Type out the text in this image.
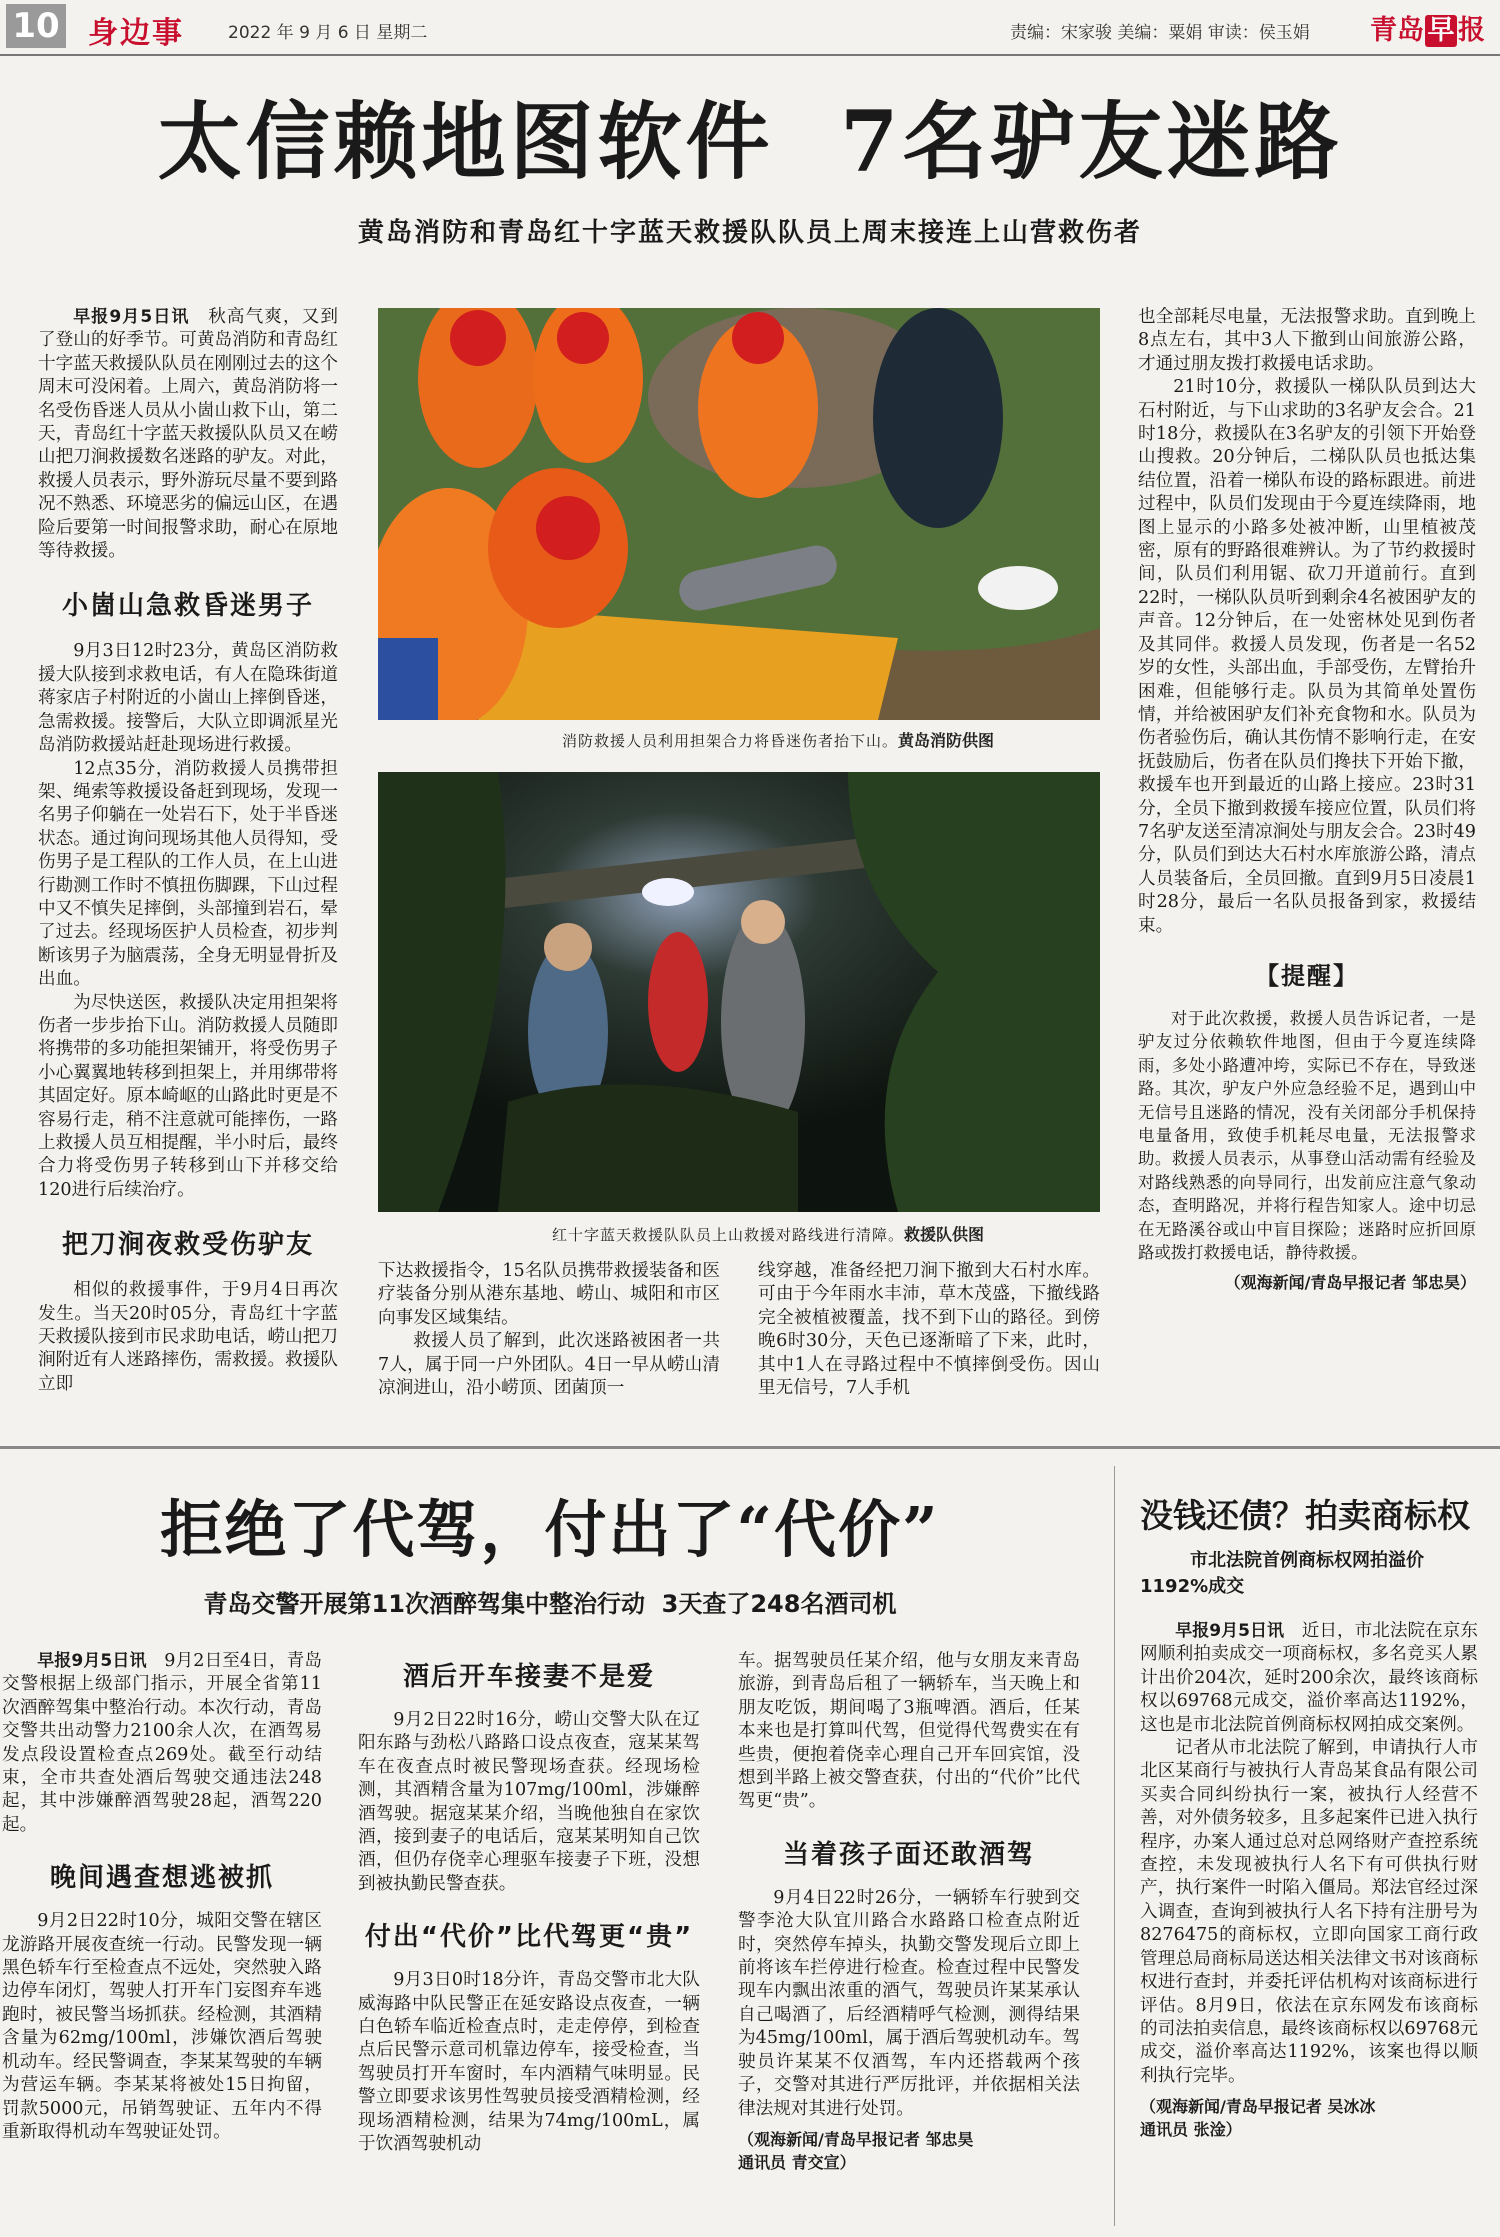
10 身边事	2022 年 9 月 6 日 星期二	责编：宋家骏 美编：粟娟 审读：侯玉娟 青岛 早 报
太信赖地图软件  7名驴友迷路
黄岛消防和青岛红十字蓝天救援队队员上周末接连上山营救伤者

早报9月5日讯　 秋高气爽，又到了登山的好季节。可黄岛消防和青岛红十字蓝天救援队队员在刚刚过去的这个周末可没闲着。上周六，黄岛消防将一名受伤昏迷人员从小崮山救下山，第二天，青岛红十字蓝天救援队队员又在崂山把刀涧救援数名迷路的驴友。对此，救援人员表示，野外游玩尽量不要到路况不熟悉、环境恶劣的偏远山区，在遇险后要第一时间报警求助，耐心在原地等待救援。

小崮山急救昏迷男子

9月3日12时23分，黄岛区消防救援大队接到求救电话，有人在隐珠街道蒋家店子村附近的小崮山上摔倒昏迷，急需救援。接警后，大队立即调派星光岛消防救援站赶赴现场进行救援。

12点35分，消防救援人员携带担架、绳索等救援设备赶到现场，发现一名男子仰躺在一处岩石下，处于半昏迷状态。通过询问现场其他人员得知，受伤男子是工程队的工作人员，在上山进行勘测工作时不慎扭伤脚踝，下山过程中又不慎失足摔倒，头部撞到岩石，晕了过去。经现场医护人员检查，初步判断该男子为脑震荡，全身无明显骨折及出血。

为尽快送医，救援队决定用担架将伤者一步步抬下山。消防救援人员随即将携带的多功能担架铺开，将受伤男子小心翼翼地转移到担架上，并用绑带将其固定好。原本崎岖的山路此时更是不容易行走，稍不注意就可能摔伤，一路上救援人员互相提醒，半小时后，最终合力将受伤男子转移到山下并移交给120进行后续治疗。

把刀涧夜救受伤驴友

相似的救援事件，于9月4日再次发生。当天20时05分，青岛红十字蓝天救援队接到市民求助电话，崂山把刀涧附近有人迷路摔伤，需救援。救援队立即

消防救援人员利用担架合力将昏迷伤者抬下山。黄岛消防供图
红十字蓝天救援队队员上山救援对路线进行清障。救援队供图

下达救援指令，15名队员携带救援装备和医疗装备分别从港东基地、崂山、城阳和市区向事发区域集结。

救援人员了解到，此次迷路被困者一共7人，属于同一户外团队。4日一早从崂山清凉涧进山，沿小崂顶、团菌顶一

线穿越，准备经把刀涧下撤到大石村水库。可由于今年雨水丰沛，草木茂盛，下撤线路完全被植被覆盖，找不到下山的路径。到傍晚6时30分，天色已逐渐暗了下来，此时，其中1人在寻路过程中不慎摔倒受伤。因山里无信号，7人手机

也全部耗尽电量，无法报警求助。直到晚上8点左右，其中3人下撤到山间旅游公路，才通过朋友拨打救援电话求助。

21时10分，救援队一梯队队员到达大石村附近，与下山求助的3名驴友会合。21时18分，救援队在3名驴友的引领下开始登山搜救。20分钟后，二梯队队员也抵达集结位置，沿着一梯队布设的路标跟进。前进过程中，队员们发现由于今夏连续降雨，地图上显示的小路多处被冲断，山里植被茂密，原有的野路很难辨认。为了节约救援时间，队员们利用锯、砍刀开道前行。直到22时，一梯队队员听到剩余4名被困驴友的声音。12分钟后，在一处密林处见到伤者及其同伴。救援人员发现，伤者是一名52岁的女性，头部出血，手部受伤，左臂抬升困难，但能够行走。队员为其简单处置伤情，并给被困驴友们补充食物和水。队员为伤者验伤后，确认其伤情不影响行走，在安抚鼓励后，伤者在队员们搀扶下开始下撤，救援车也开到最近的山路上接应。23时31分，全员下撤到救援车接应位置，队员们将7名驴友送至清凉涧处与朋友会合。23时49分，队员们到达大石村水库旅游公路，清点人员装备后，全员回撤。直到9月5日凌晨1时28分，最后一名队员报备到家，救援结束。

【提醒】

对于此次救援，救援人员告诉记者，一是驴友过分依赖软件地图，但由于今夏连续降雨，多处小路遭冲垮，实际已不存在，导致迷路。其次，驴友户外应急经验不足，遇到山中无信号且迷路的情况，没有关闭部分手机保持电量备用，致使手机耗尽电量，无法报警求助。救援人员表示，从事登山活动需有经验及对路线熟悉的向导同行，出发前应注意气象动态，查明路况，并将行程告知家人。途中切忌在无路溪谷或山中盲目探险；迷路时应折回原路或拨打救援电话，静待救援。

（观海新闻/青岛早报记者 邹忠昊）
拒绝了代驾，付出了“代价”
青岛交警开展第11次酒醉驾集中整治行动  3天查了248名酒司机

早报9月5日讯　 9月2日至4日，青岛交警根据上级部门指示，开展全省第11次酒醉驾集中整治行动。本次行动，青岛交警共出动警力2100余人次，在酒驾易发点段设置检查点269处。截至行动结束，全市共查处酒后驾驶交通违法248起，其中涉嫌醉酒驾驶28起，酒驾220起。

晚间遇查想逃被抓

9月2日22时10分，城阳交警在辖区龙游路开展夜查统一行动。民警发现一辆黑色轿车行至检查点不远处，突然驶入路边停车闭灯，驾驶人打开车门妄图弃车逃跑时，被民警当场抓获。经检测，其酒精含量为62mg/100ml，涉嫌饮酒后驾驶机动车。经民警调查，李某某驾驶的车辆为营运车辆。李某某将被处15日拘留，罚款5000元，吊销驾驶证、五年内不得重新取得机动车驾驶证处罚。

酒后开车接妻不是爱

9月2日22时16分，崂山交警大队在辽阳东路与劲松八路路口设点夜查，寇某某驾车在夜查点时被民警现场查获。经现场检测，其酒精含量为107mg/100ml，涉嫌醉酒驾驶。据寇某某介绍，当晚他独自在家饮酒，接到妻子的电话后，寇某某明知自己饮酒，但仍存侥幸心理驱车接妻子下班，没想到被执勤民警查获。

付出“代价”比代驾更“贵”

9月3日0时18分许，青岛交警市北大队威海路中队民警正在延安路设点夜查，一辆白色轿车临近检查点时，走走停停，到检查点后民警示意司机靠边停车，接受检查，当驾驶员打开车窗时，车内酒精气味明显。民警立即要求该男性驾驶员接受酒精检测，经现场酒精检测，结果为74mg/100mL，属于饮酒驾驶机动

车。据驾驶员任某介绍，他与女朋友来青岛旅游，到青岛后租了一辆轿车，当天晚上和朋友吃饭，期间喝了3瓶啤酒。酒后，任某本来也是打算叫代驾，但觉得代驾费实在有些贵，便抱着侥幸心理自己开车回宾馆，没想到半路上被交警查获，付出的“代价”比代驾更“贵”。

当着孩子面还敢酒驾

9月4日22时26分，一辆轿车行驶到交警李沧大队宜川路合水路路口检查点附近时，突然停车掉头，执勤交警发现后立即上前将该车拦停进行检查。检查过程中民警发现车内飘出浓重的酒气，驾驶员许某某承认自己喝酒了，后经酒精呼气检测，测得结果为45mg/100ml，属于酒后驾驶机动车。驾驶员许某某不仅酒驾，车内还搭载两个孩子，交警对其进行严厉批评，并依据相关法律法规对其进行处罚。

（观海新闻/青岛早报记者 邹忠昊
通讯员 青交宣）
没钱还债？拍卖商标权
市北法院首例商标权网拍溢价
1192%成交

早报9月5日讯　 近日，市北法院在京东网顺利拍卖成交一项商标权，多名竞买人累计出价204次，延时200余次，最终该商标权以69768元成交，溢价率高达1192%，这也是市北法院首例商标权网拍成交案例。

记者从市北法院了解到，申请执行人市北区某商行与被执行人青岛某食品有限公司买卖合同纠纷执行一案，被执行人经营不善，对外债务较多，且多起案件已进入执行程序，办案人通过总对总网络财产查控系统查控，未发现被执行人名下有可供执行财产，执行案件一时陷入僵局。郑法官经过深入调查，查询到被执行人名下持有注册号为8276475的商标权，立即向国家工商行政管理总局商标局送达相关法律文书对该商标权进行查封，并委托评估机构对该商标进行评估。8月9日，依法在京东网发布该商标的司法拍卖信息，最终该商标权以69768元成交，溢价率高达1192%，该案也得以顺利执行完毕。

（观海新闻/青岛早报记者 吴冰冰
通讯员 张淦）
